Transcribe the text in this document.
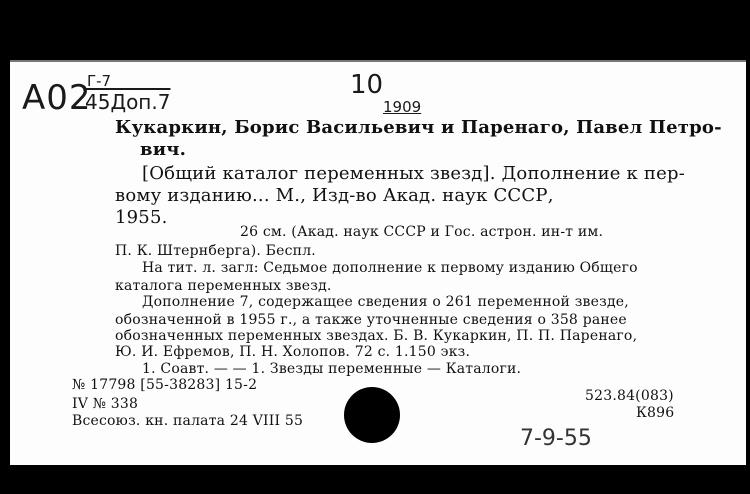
А02
Г-7
45Доп.7
10
1909
7-9-55
Кукаркин, Борис Васильевич и Паренаго, Павел Петро-
вич.
[Общий каталог переменных звезд]. Дополнение к пер-
вому изданию... М., Изд-во Акад. наук СССР,
1955.
26 см. (Акад. наук СССР и Гос. астрон. ин-т им.
П. К. Штернберга). Беспл.
На тит. л. загл: Седьмое дополнение к первому изданию Общего
каталога переменных звезд.
Дополнение 7, содержащее сведения о 261 переменной звезде,
обозначенной в 1955 г., а также уточненные сведения о 358 ранее
обозначенных переменных звездах. Б. В. Кукаркин, П. П. Паренаго,
Ю. И. Ефремов, П. Н. Холопов. 72 с. 1.150 экз.
1. Соавт. — — 1. Звезды переменные — Каталоги.
№ 17798 [55-38283] 15-2
IV № 338
Всесоюз. кн. палата 24 VIII 55
523.84(083)
К896
